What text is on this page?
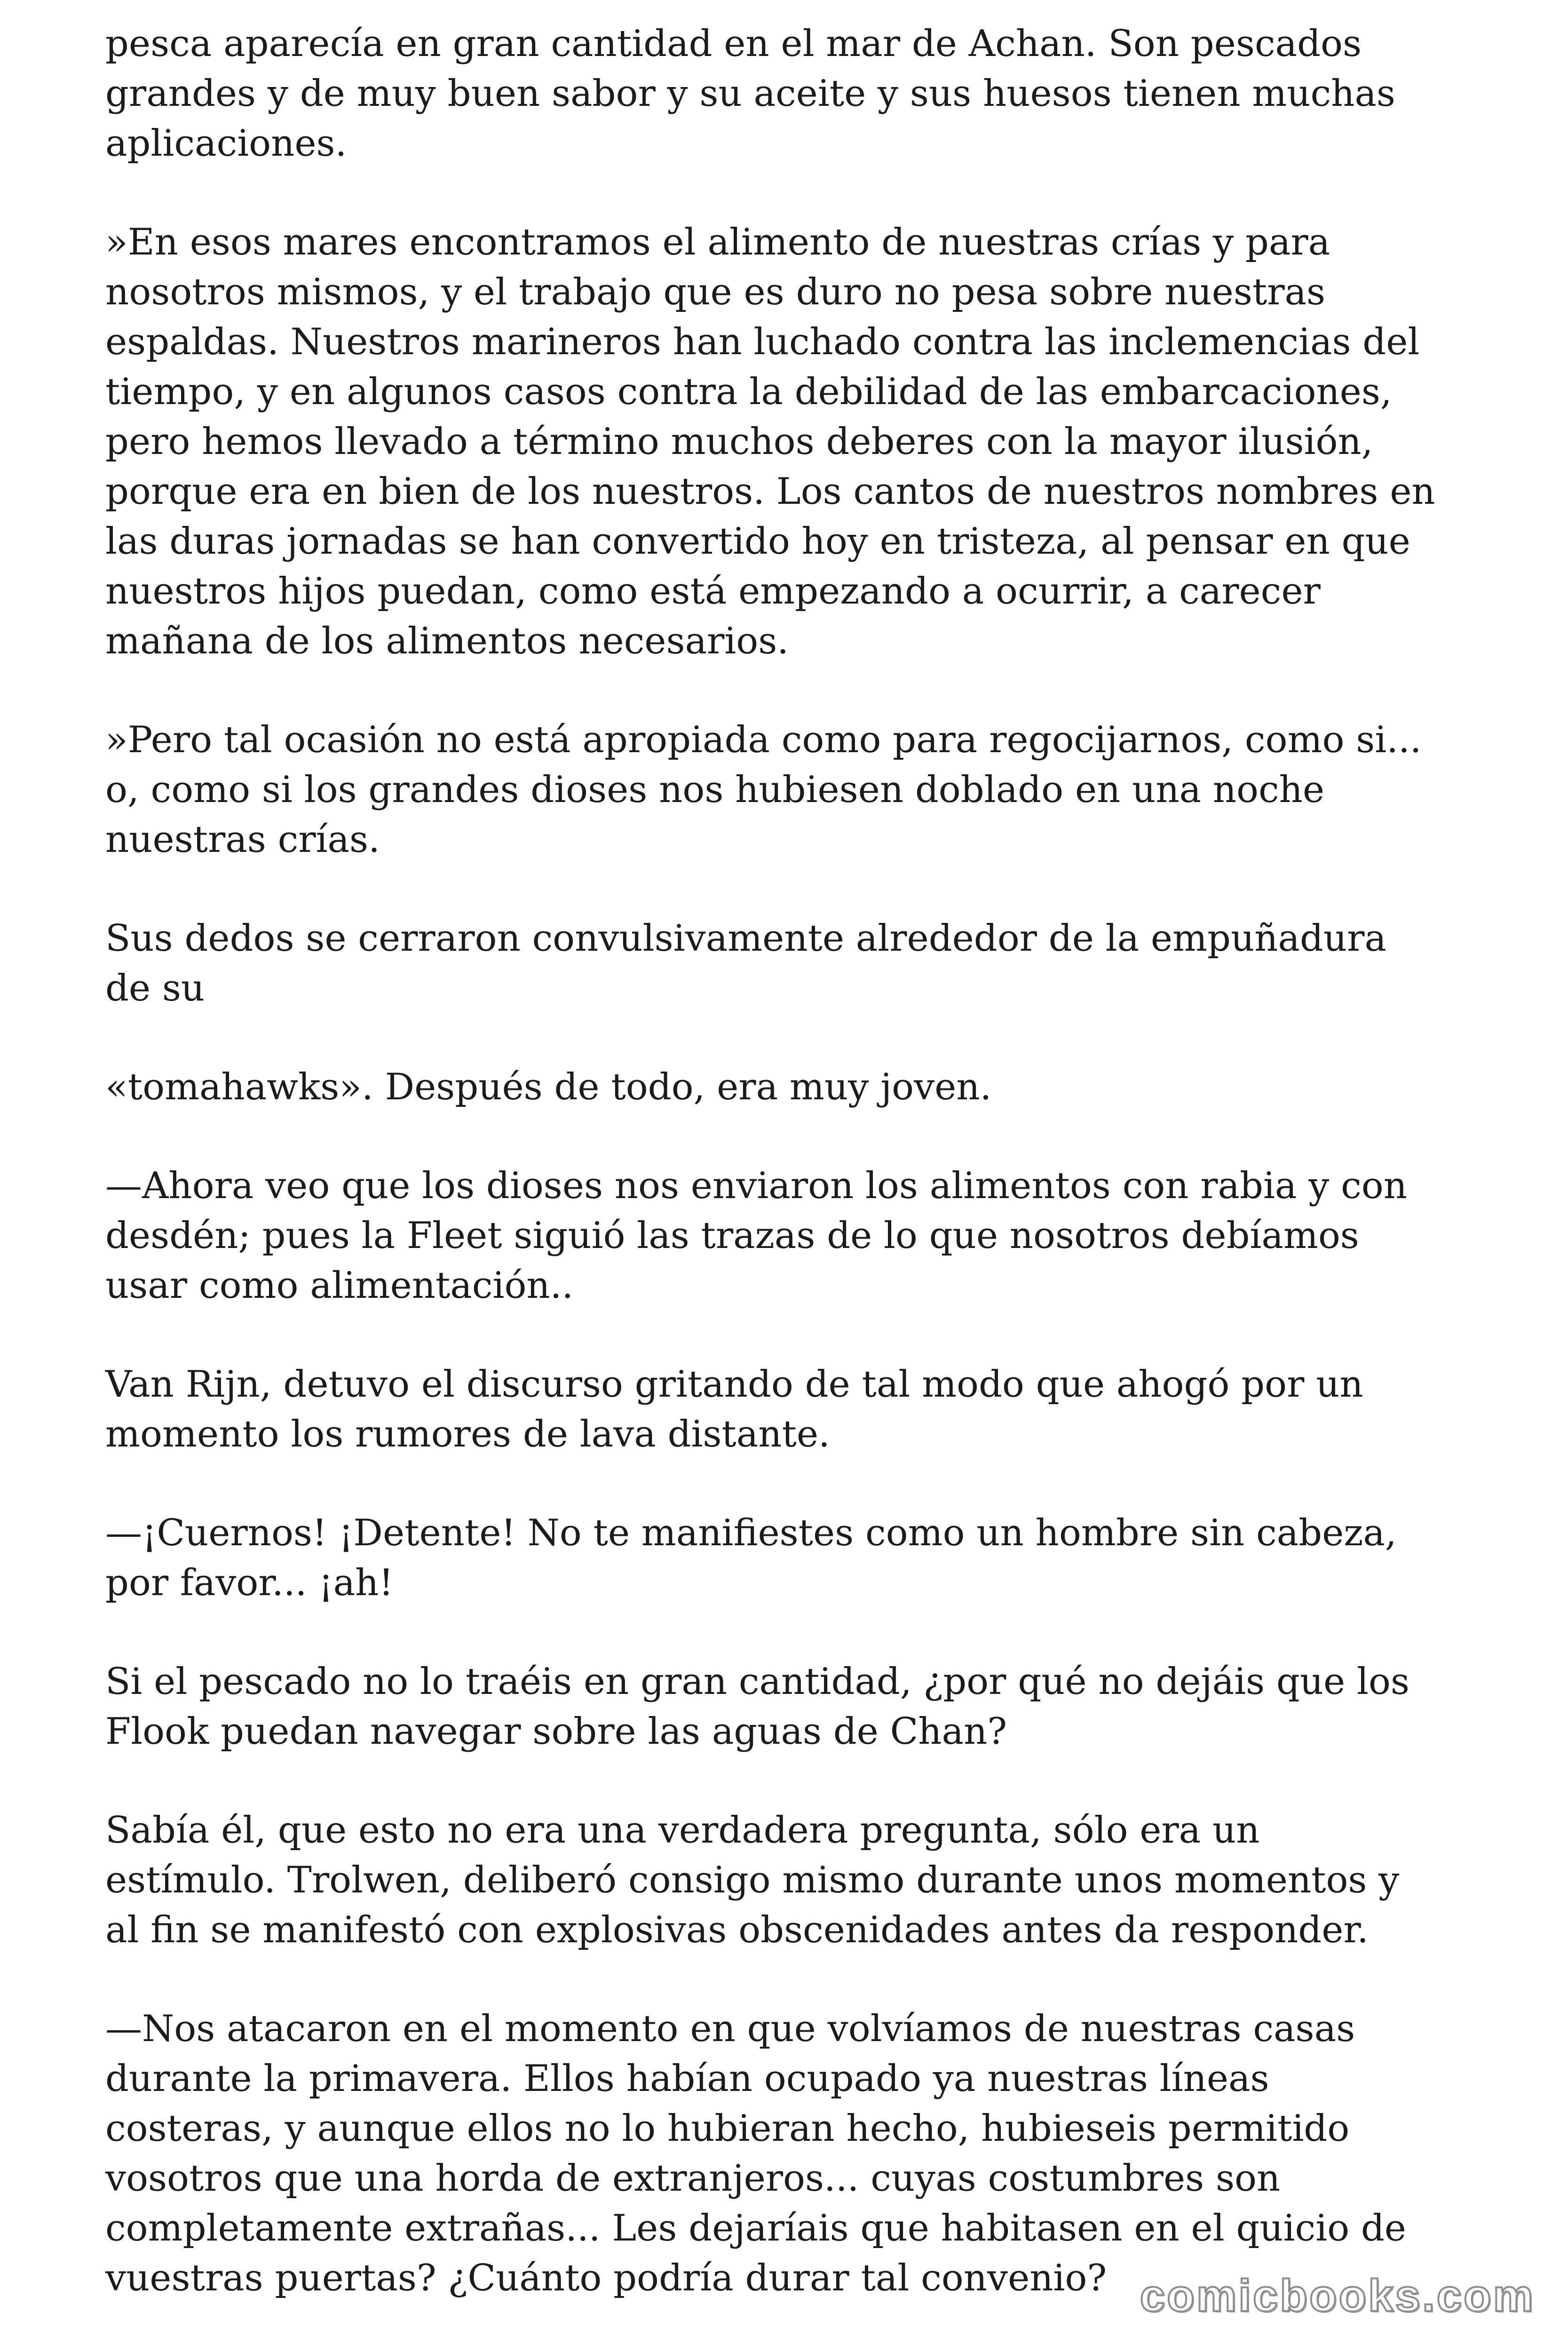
pesca aparecía en gran cantidad en el mar de Achan. Son pescados
grandes y de muy buen sabor y su aceite y sus huesos tienen muchas
aplicaciones.

»En esos mares encontramos el alimento de nuestras crías y para
nosotros mismos, y el trabajo que es duro no pesa sobre nuestras
espaldas. Nuestros marineros han luchado contra las inclemencias del
tiempo, y en algunos casos contra la debilidad de las embarcaciones,
pero hemos llevado a término muchos deberes con la mayor ilusión,
porque era en bien de los nuestros. Los cantos de nuestros nombres en
las duras jornadas se han convertido hoy en tristeza, al pensar en que
nuestros hijos puedan, como está empezando a ocurrir, a carecer
mañana de los alimentos necesarios.

»Pero tal ocasión no está apropiada como para regocijarnos, como si...
o, como si los grandes dioses nos hubiesen doblado en una noche
nuestras crías.

Sus dedos se cerraron convulsivamente alrededor de la empuñadura
de su

«tomahawks». Después de todo, era muy joven.

—Ahora veo que los dioses nos enviaron los alimentos con rabia y con
desdén; pues la Fleet siguió las trazas de lo que nosotros debíamos
usar como alimentación..

Van Rijn, detuvo el discurso gritando de tal modo que ahogó por un
momento los rumores de lava distante.

—¡Cuernos! ¡Detente! No te manifiestes como un hombre sin cabeza,
por favor... ¡ah!

Si el pescado no lo traéis en gran cantidad, ¿por qué no dejáis que los
Flook puedan navegar sobre las aguas de Chan?

Sabía él, que esto no era una verdadera pregunta, sólo era un
estímulo. Trolwen, deliberó consigo mismo durante unos momentos y
al fin se manifestó con explosivas obscenidades antes da responder.

—Nos atacaron en el momento en que volvíamos de nuestras casas
durante la primavera. Ellos habían ocupado ya nuestras líneas
costeras, y aunque ellos no lo hubieran hecho, hubieseis permitido
vosotros que una horda de extranjeros... cuyas costumbres son
completamente extrañas... Les dejaríais que habitasen en el quicio de
vuestras puertas? ¿Cuánto podría durar tal convenio? comicbooks.com
